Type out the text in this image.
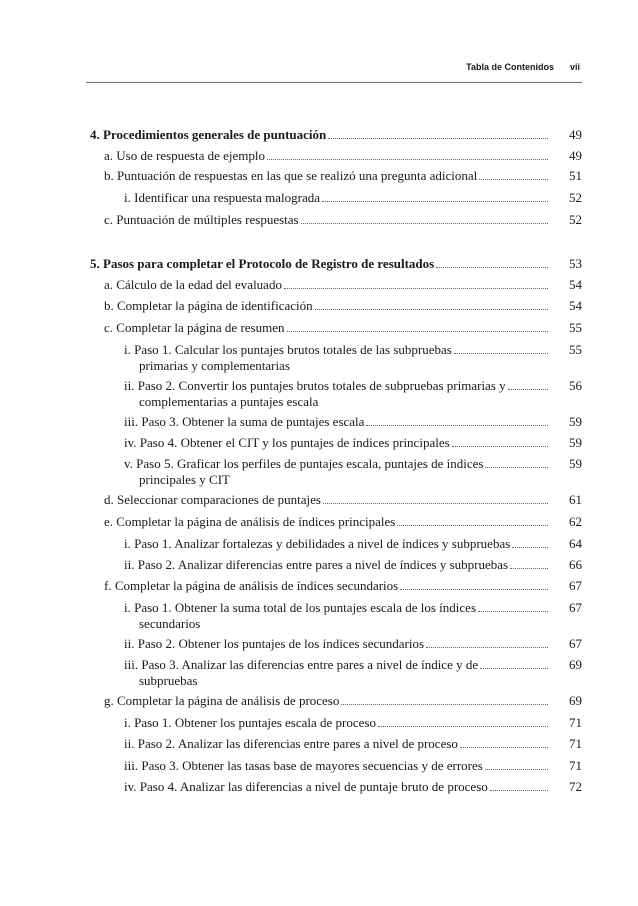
Tabla de Contenidos vii
4. Procedimientos generales de puntuación	49
a. Uso de respuesta de ejemplo	49
b. Puntuación de respuestas en las que se realizó una pregunta adicional	51
i. Identificar una respuesta malograda	52
c. Puntuación de múltiples respuestas	52
5. Pasos para completar el Protocolo de Registro de resultados	53
a. Cálculo de la edad del evaluado	54
b. Completar la página de identificación	54
c. Completar la página de resumen	55
i. Paso 1. Calcular los puntajes brutos totales de las subpruebas	55
primarias y complementarias
ii. Paso 2. Convertir los puntajes brutos totales de subpruebas primarias y	56
complementarias a puntajes escala
iii. Paso 3. Obtener la suma de puntajes escala	59
iv. Paso 4. Obtener el CIT y los puntajes de índices principales	59
v. Paso 5. Graficar los perfiles de puntajes escala, puntajes de índices	59
principales y CIT
d. Seleccionar comparaciones de puntajes	61
e. Completar la página de análisis de índices principales	62
i. Paso 1. Analizar fortalezas y debilidades a nivel de índices y subpruebas	64
ii. Paso 2. Analizar diferencias entre pares a nivel de índices y subpruebas	66
f. Completar la página de análisis de índices secundarios	67
i. Paso 1. Obtener la suma total de los puntajes escala de los índices	67
secundarios
ii. Paso 2. Obtener los puntajes de los índices secundarios	67
iii. Paso 3. Analizar las diferencias entre pares a nivel de índice y de	69
subpruebas
g. Completar la página de análisis de proceso	69
i. Paso 1. Obtener los puntajes escala de proceso	71
ii. Paso 2. Analizar las diferencias entre pares a nivel de proceso	71
iii. Paso 3. Obtener las tasas base de mayores secuencias y de errores	71
iv. Paso 4. Analizar las diferencias a nivel de puntaje bruto de proceso	72
